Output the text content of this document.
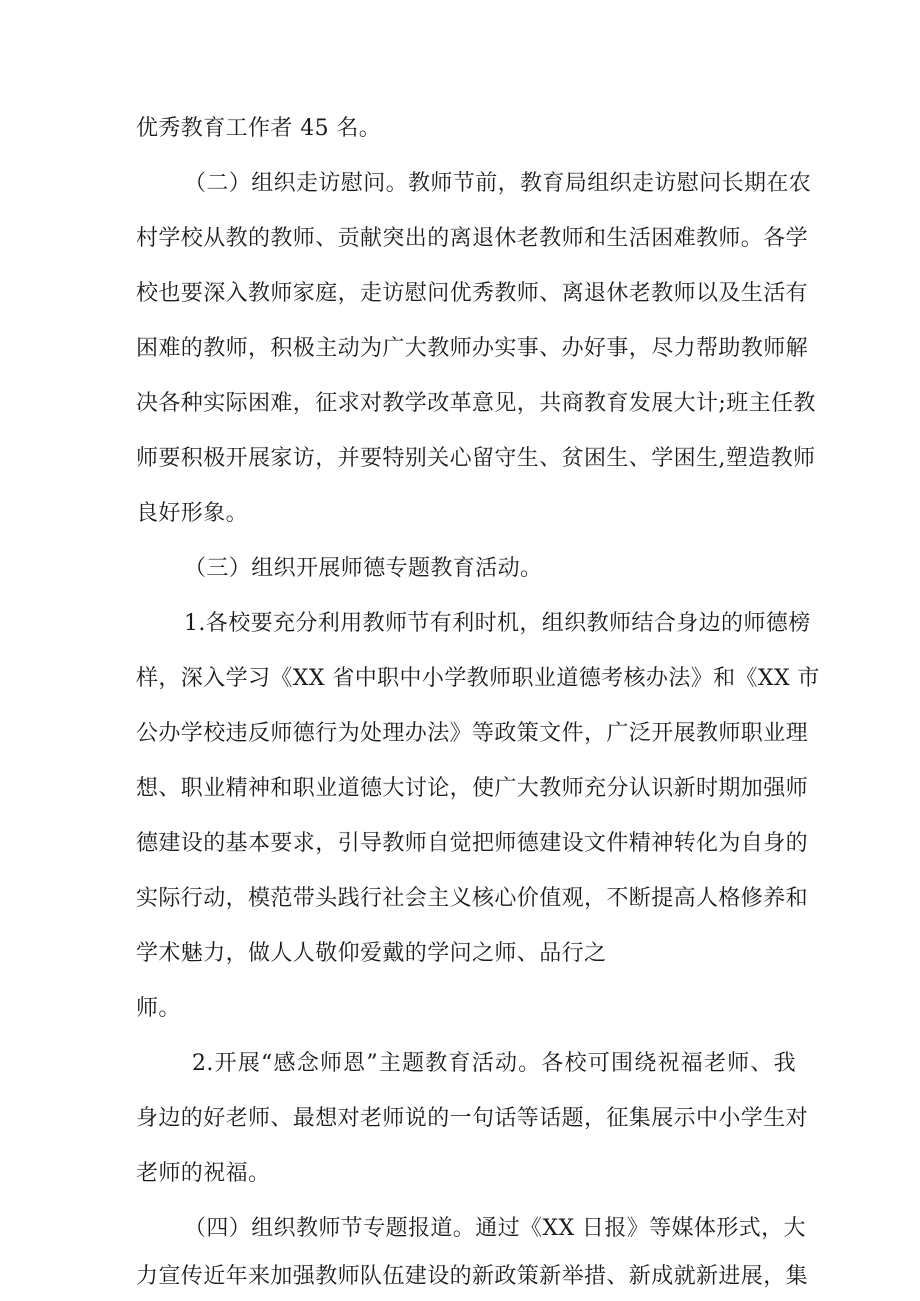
优秀教育工作者 45 名。
（二）组织走访慰问。教师节前，教育局组织走访慰问长期在农
村学校从教的教师、贡献突出的离退休老教师和生活困难教师。各学
校也要深入教师家庭，走访慰问优秀教师、离退休老教师以及生活有
困难的教师，积极主动为广大教师办实事、办好事，尽力帮助教师解
决各种实际困难，征求对教学改革意见，共商教育发展大计;班主任教
师要积极开展家访，并要特别关心留守生、贫困生、学困生,塑造教师
良好形象。
（三）组织开展师德专题教育活动。
1.各校要充分利用教师节有利时机，组织教师结合身边的师德榜
样，深入学习《XX 省中职中小学教师职业道德考核办法》和《XX 市
公办学校违反师德行为处理办法》等政策文件，广泛开展教师职业理
想、职业精神和职业道德大讨论，使广大教师充分认识新时期加强师
德建设的基本要求，引导教师自觉把师德建设文件精神转化为自身的
实际行动，模范带头践行社会主义核心价值观，不断提高人格修养和
学术魅力，做人人敬仰爱戴的学问之师、品行之
师。
2.开展“感念师恩”主题教育活动。各校可围绕祝福老师、我
身边的好老师、最想对老师说的一句话等话题，征集展示中小学生对
老师的祝福。
（四）组织教师节专题报道。通过《XX 日报》等媒体形式，大
力宣传近年来加强教师队伍建设的新政策新举措、新成就新进展，集
